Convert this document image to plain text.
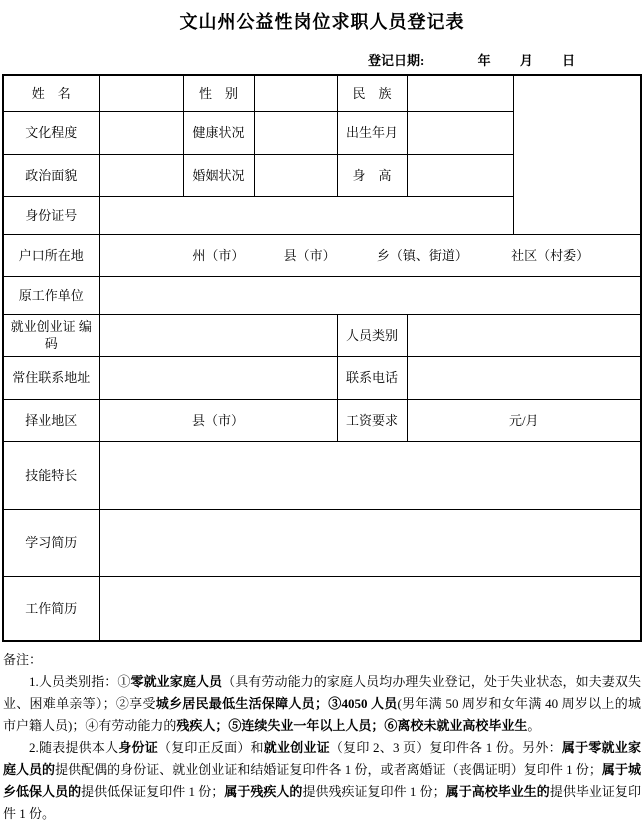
文山州公益性岗位求职人员登记表
登记日期:	年 月 日
姓　名		性　别		民　族		
文化程度		健康状况		出生年月		
政治面貌		婚姻状况		身　高		
身份证号						
户口所在地	州（市） 县（市） 乡（镇、街道） 社区（村委）					
原工作单位						
就业创业证 编码				人员类别		
常住联系地址				联系电话		
择业地区	县（市）			工资要求	元/月	
技能特长						
学习简历						
工作简历						
备注：

1.人员类别指：①零就业家庭人员（具有劳动能力的家庭人员均办理失业登记，处于失业状态，如夫妻双失业、困难单亲等）；②享受城乡居民最低生活保障人员；③4050 人员(男年满 50 周岁和女年满 40 周岁以上的城市户籍人员)；④有劳动能力的残疾人；⑤连续失业一年以上人员；⑥离校未就业高校毕业生。

2.随表提供本人身份证（复印正反面）和就业创业证（复印 2、3 页）复印件各 1 份。另外：属于零就业家庭人员的提供配偶的身份证、就业创业证和结婚证复印件各 1 份，或者离婚证（丧偶证明）复印件 1 份；属于城乡低保人员的提供低保证复印件 1 份；属于残疾人的提供残疾证复印件 1 份；属于高校毕业生的提供毕业证复印件 1 份。
